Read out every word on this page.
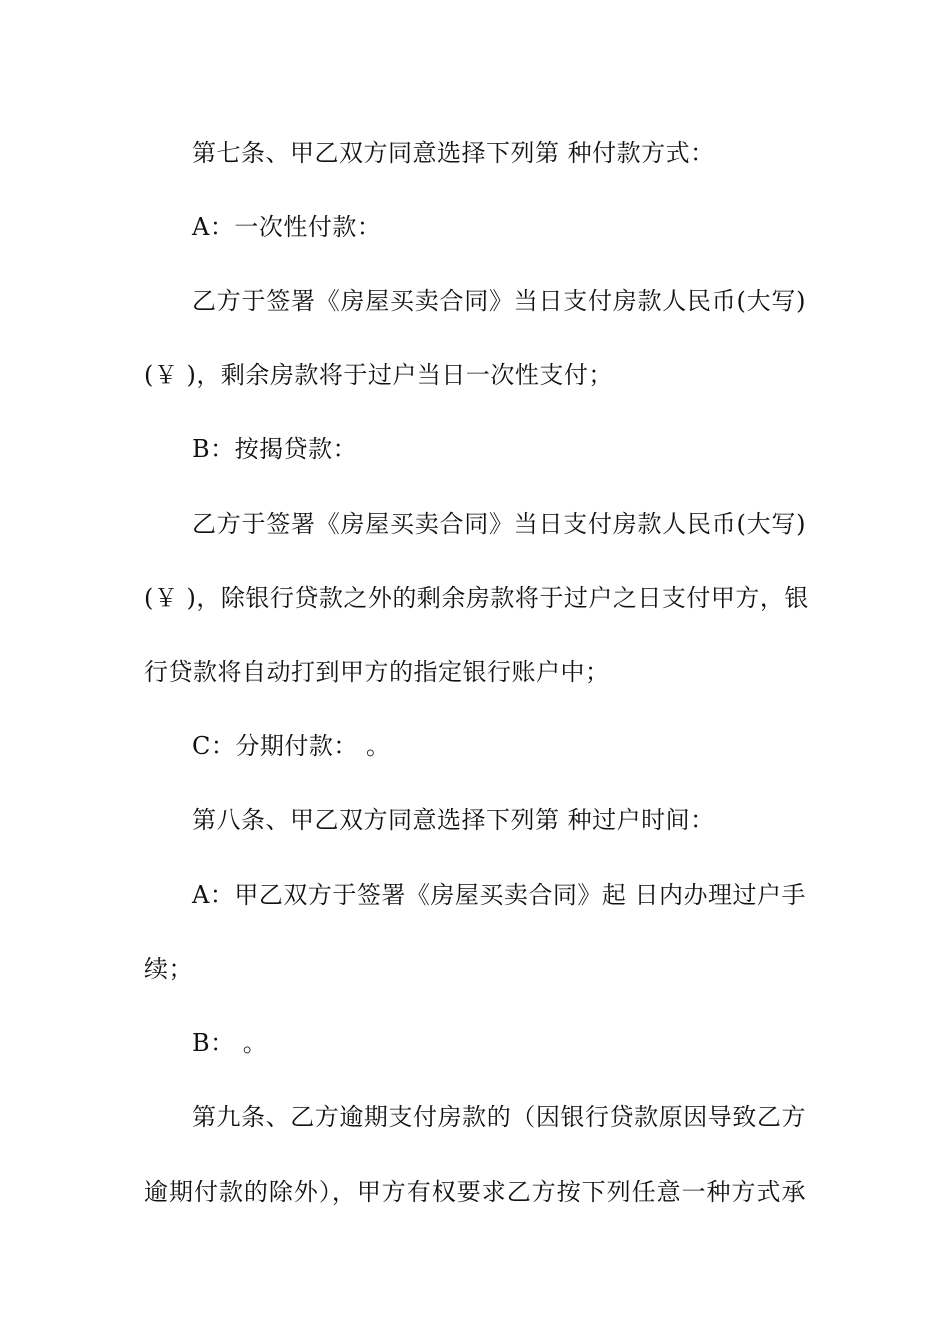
第七条、甲乙双方同意选择下列第 种付款方式：
A：一次性付款：
乙方于签署《房屋买卖合同》当日支付房款人民币(大写)
(￥ )，剩余房款将于过户当日一次性支付；
B：按揭贷款：
乙方于签署《房屋买卖合同》当日支付房款人民币(大写)
(￥ )，除银行贷款之外的剩余房款将于过户之日支付甲方，银
行贷款将自动打到甲方的指定银行账户中；
C：分期付款： 。
第八条、甲乙双方同意选择下列第 种过户时间：
A：甲乙双方于签署《房屋买卖合同》起 日内办理过户手
续；
B： 。
第九条、乙方逾期支付房款的（因银行贷款原因导致乙方
逾期付款的除外），甲方有权要求乙方按下列任意一种方式承
